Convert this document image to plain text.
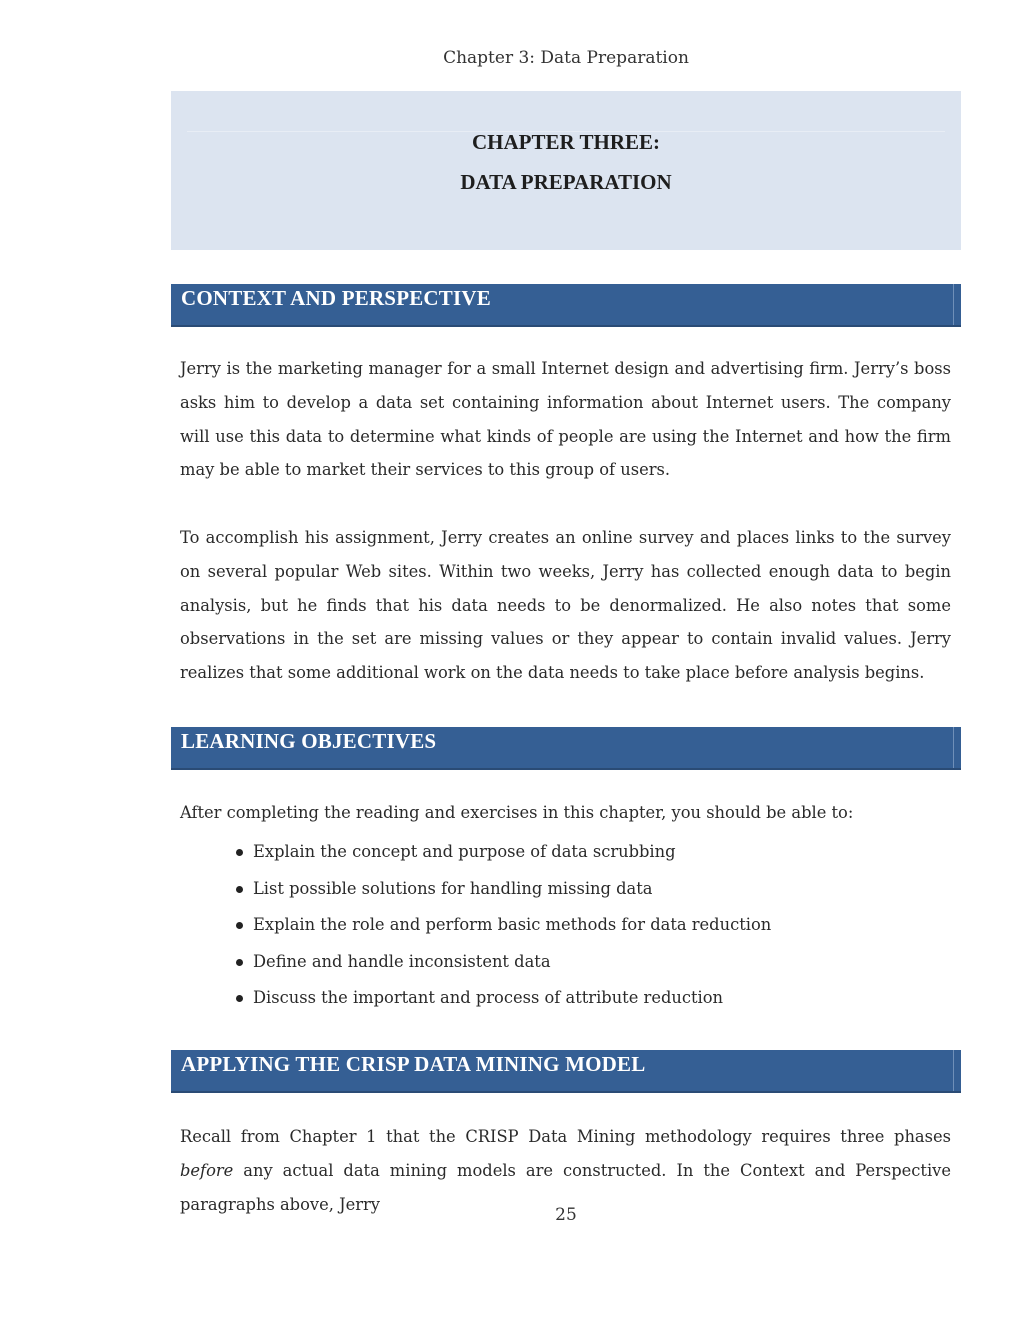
Chapter 3: Data Preparation
CHAPTER THREE:
DATA PREPARATION
CONTEXT AND PERSPECTIVE

Jerry is the marketing manager for a small Internet design and advertising firm. Jerry’s boss asks him to develop a data set containing information about Internet users. The company will use this data to determine what kinds of people are using the Internet and how the firm may be able to market their services to this group of users.

To accomplish his assignment, Jerry creates an online survey and places links to the survey on several popular Web sites. Within two weeks, Jerry has collected enough data to begin analysis, but he finds that his data needs to be denormalized. He also notes that some observations in the set are missing values or they appear to contain invalid values. Jerry realizes that some additional work on the data needs to take place before analysis begins.

LEARNING OBJECTIVES

After completing the reading and exercises in this chapter, you should be able to:

Explain the concept and purpose of data scrubbing
List possible solutions for handling missing data
Explain the role and perform basic methods for data reduction
Define and handle inconsistent data
Discuss the important and process of attribute reduction
APPLYING THE CRISP DATA MINING MODEL

Recall from Chapter 1 that the CRISP Data Mining methodology requires three phases before any actual data mining models are constructed. In the Context and Perspective paragraphs above, Jerry

25
